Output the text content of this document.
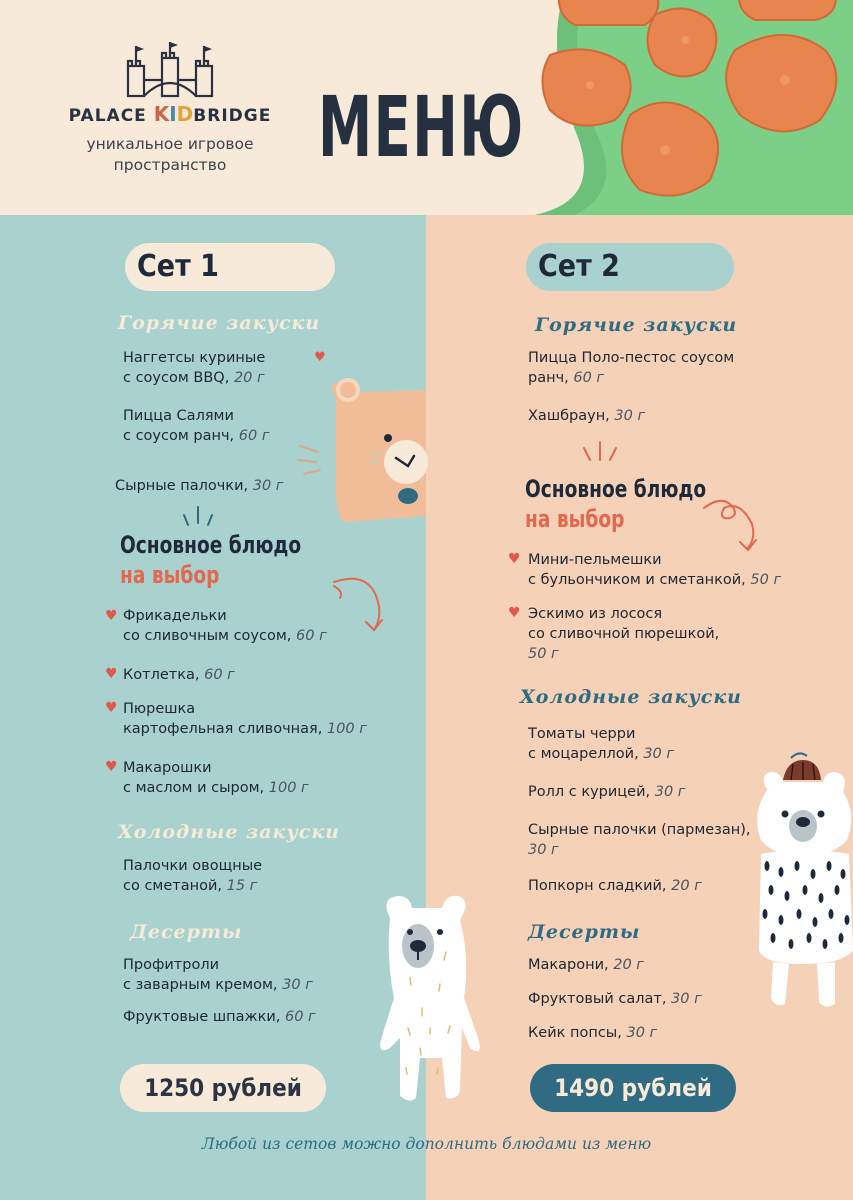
PALACE KIDBRIDGE
уникальное игровое
пространство	МЕНЮ
Сет 1
Горячие закуски
Наггетсы куриные
с соусом BBQ, 20 г
Пицца Салями
с соусом ранч, 60 г
Сырные палочки, 30 г
Основное блюдо
на выбор
♥ Фрикадельки
со сливочным соусом, 60 г
♥ Котлетка, 60 г
♥ Пюрешка
картофельная сливочная, 100 г
♥ Макарошки
с маслом и сыром, 100 г
Холодные закуски
Палочки овощные
со сметаной, 15 г
Десерты
Профитроли
с заварным кремом, 30 г
Фруктовые шпажки, 60 г
1250 рублей
Сет 2
Горячие закуски
Пицца Поло-пестос соусом
ранч, 60 г
Хашбраун, 30 г
Основное блюдо
на выбор
♥ Мини-пельмешки
с бульончиком и сметанкой, 50 г
♥ Эскимо из лосося
со сливочной пюрешкой,
50 г
Холодные закуски
Томаты черри
с моцареллой, 30 г
Ролл с курицей, 30 г
Сырные палочки (пармезан),
30 г
Попкорн сладкий, 20 г
Десерты
Макарони, 20 г
Фруктовый салат, 30 г
Кейк попсы, 30 г
1490 рублей
Любой из сетов можно дополнить блюдами из меню
♥
